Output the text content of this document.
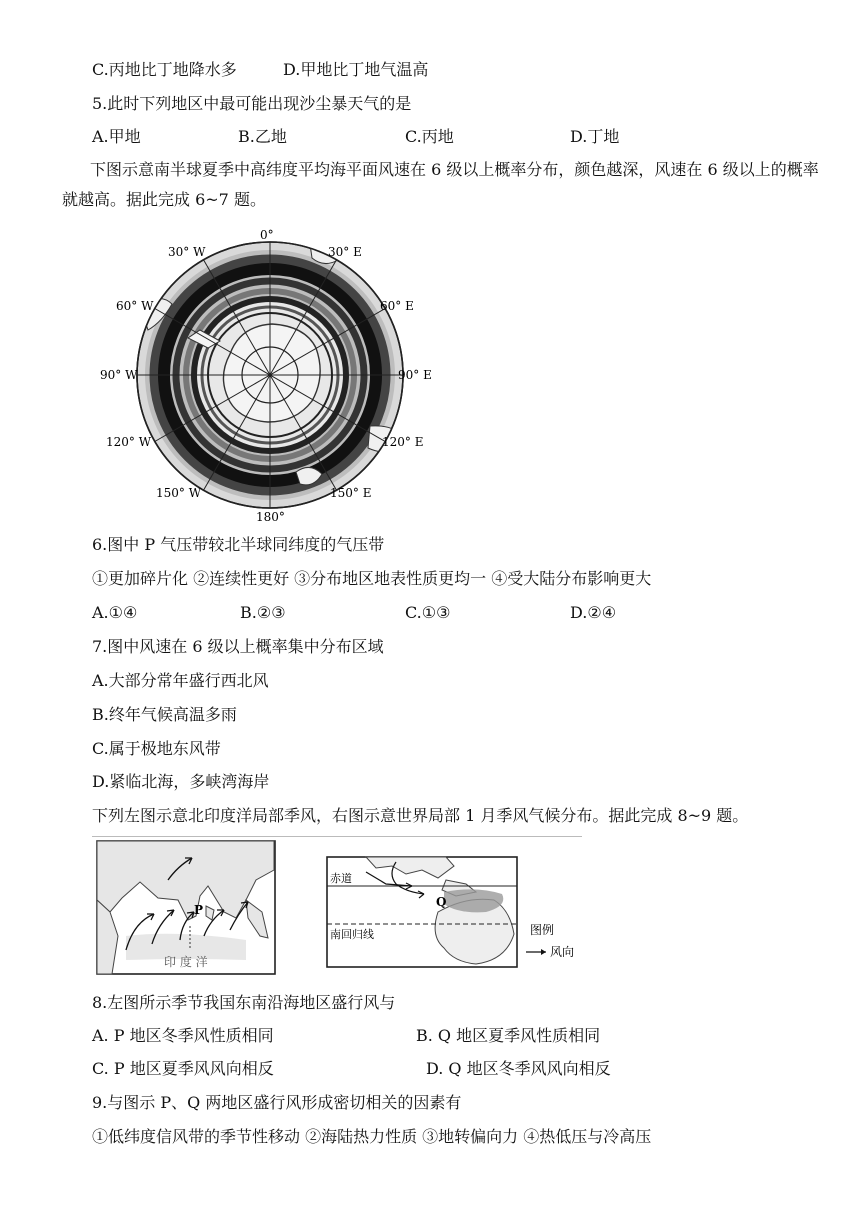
C.丙地比丁地降水多	D.甲地比丁地气温高
5.此时下列地区中最可能出现沙尘暴天气的是
A.甲地	B.乙地	C.丙地	D.丁地
下图示意南半球夏季中高纬度平均海平面风速在 6 级以上概率分布，颜色越深，风速在 6 级以上的概率就越高。据此完成 6~7 题。
0°
30° E
30° W
60° E
60° W
90° E
90° W
120° E
120° W
150° E
150° W
180°
6.图中 P 气压带较北半球同纬度的气压带
①更加碎片化 ②连续性更好 ③分布地区地表性质更均一 ④受大陆分布影响更大
A.①④	B.②③	C.①③	D.②④
7.图中风速在 6 级以上概率集中分布区域
A.大部分常年盛行西北风
B.终年气候高温多雨
C.属于极地东风带
D.紧临北海，多峡湾海岸
下列左图示意北印度洋局部季风，右图示意世界局部 1 月季风气候分布。据此完成 8~9 题。
P
印 度 洋
赤道
南回归线
Q
图例
风向
8.左图所示季节我国东南沿海地区盛行风与
A. P 地区冬季风性质相同	B. Q 地区夏季风性质相同
C. P 地区夏季风风向相反	D. Q 地区冬季风风向相反
9.与图示 P、Q 两地区盛行风形成密切相关的因素有
①低纬度信风带的季节性移动 ②海陆热力性质 ③地转偏向力 ④热低压与冷高压
